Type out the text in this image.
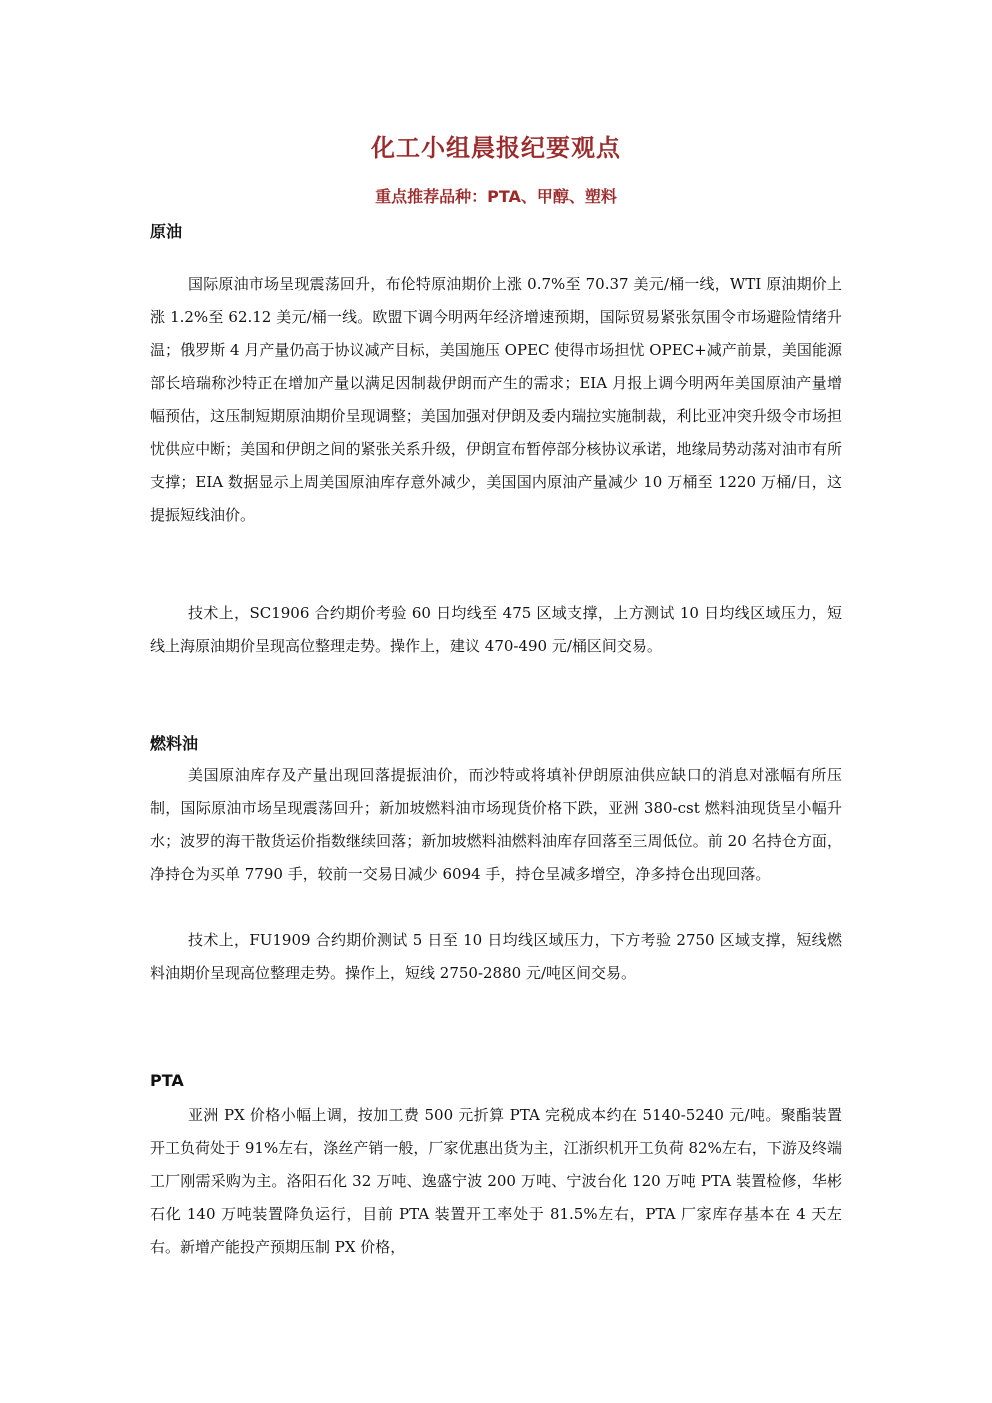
化工小组晨报纪要观点
重点推荐品种：PTA、甲醇、塑料
原油

国际原油市场呈现震荡回升，布伦特原油期价上涨 0.7%至 70.37 美元/桶一线，WTI 原油期价上涨 1.2%至 62.12 美元/桶一线。欧盟下调今明两年经济增速预期，国际贸易紧张氛围令市场避险情绪升温；俄罗斯 4 月产量仍高于协议减产目标，美国施压 OPEC 使得市场担忧 OPEC+减产前景，美国能源部长培瑞称沙特正在增加产量以满足因制裁伊朗而产生的需求；EIA 月报上调今明两年美国原油产量增幅预估，这压制短期原油期价呈现调整；美国加强对伊朗及委内瑞拉实施制裁，利比亚冲突升级令市场担忧供应中断；美国和伊朗之间的紧张关系升级，伊朗宣布暂停部分核协议承诺，地缘局势动荡对油市有所支撑；EIA 数据显示上周美国原油库存意外减少，美国国内原油产量减少 10 万桶至 1220 万桶/日，这提振短线油价。

技术上，SC1906 合约期价考验 60 日均线至 475 区域支撑，上方测试 10 日均线区域压力，短线上海原油期价呈现高位整理走势。操作上，建议 470-490 元/桶区间交易。

燃料油

美国原油库存及产量出现回落提振油价，而沙特或将填补伊朗原油供应缺口的消息对涨幅有所压制，国际原油市场呈现震荡回升；新加坡燃料油市场现货价格下跌，亚洲 380-cst 燃料油现货呈小幅升水；波罗的海干散货运价指数继续回落；新加坡燃料油燃料油库存回落至三周低位。前 20 名持仓方面，净持仓为买单 7790 手，较前一交易日减少 6094 手，持仓呈减多增空，净多持仓出现回落。

技术上，FU1909 合约期价测试 5 日至 10 日均线区域压力，下方考验 2750 区域支撑，短线燃料油期价呈现高位整理走势。操作上，短线 2750-2880 元/吨区间交易。

PTA

亚洲 PX 价格小幅上调，按加工费 500 元折算 PTA 完税成本约在 5140-5240 元/吨。聚酯装置开工负荷处于 91%左右，涤丝产销一般，厂家优惠出货为主，江浙织机开工负荷 82%左右，下游及终端工厂刚需采购为主。洛阳石化 32 万吨、逸盛宁波 200 万吨、宁波台化 120 万吨 PTA 装置检修，华彬石化 140 万吨装置降负运行，目前 PTA 装置开工率处于 81.5%左右，PTA 厂家库存基本在 4 天左右。新增产能投产预期压制 PX 价格，
